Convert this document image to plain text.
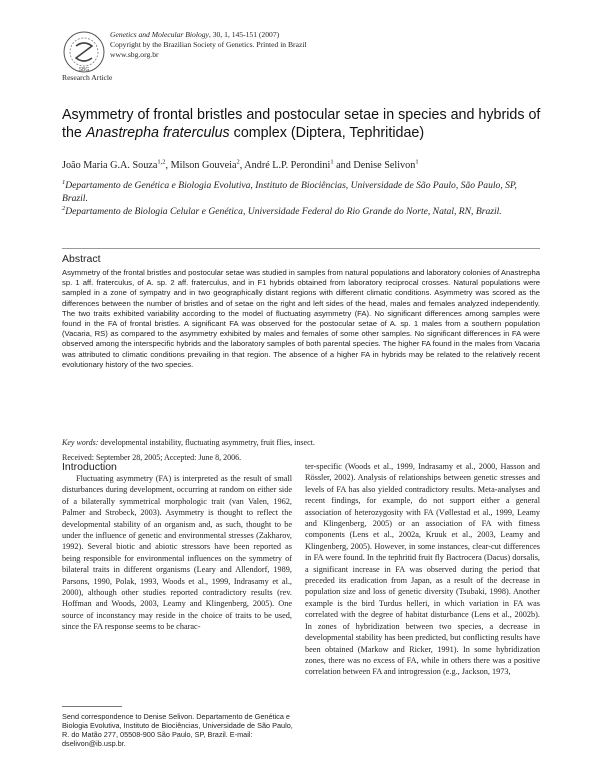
SBG
Genetics and Molecular Biology, 30, 1, 145-151 (2007)
Copyright by the Brazilian Society of Genetics. Printed in Brazil
www.sbg.org.br
Research Article
Asymmetry of frontal bristles and postocular setae in species and hybrids of the Anastrepha fraterculus complex (Diptera, Tephritidae)
João Maria G.A. Souza$^{1,2}$, Milson Gouveia$^2$, André L.P. Perondini$^1$ and Denise Selivon$^1$
$^1$Departamento de Genética e Biologia Evolutiva, Instituto de Biociências, Universidade de São Paulo, São Paulo, SP, Brazil.
$^2$Departamento de Biologia Celular e Genética, Universidade Federal do Rio Grande do Norte, Natal, RN, Brazil.
Abstract
Asymmetry of the frontal bristles and postocular setae was studied in samples from natural populations and laboratory colonies of Anastrepha sp. 1 aff. fraterculus, of A. sp. 2 aff. fraterculus, and in F1 hybrids obtained from laboratory reciprocal crosses. Natural populations were sampled in a zone of sympatry and in two geographically distant regions with different climatic conditions. Asymmetry was scored as the differences between the number of bristles and of setae on the right and left sides of the head, males and females analyzed independently. The two traits exhibited variability according to the model of fluctuating asymmetry (FA). No significant differences among samples were found in the FA of frontal bristles. A significant FA was observed for the postocular setae of A. sp. 1 males from a southern population (Vacaria, RS) as compared to the asymmetry exhibited by males and females of some other samples. No significant differences in FA were observed among the interspecific hybrids and the laboratory samples of both parental species. The higher FA found in the males from Vacaria was attributed to climatic conditions prevailing in that region. The absence of a higher FA in hybrids may be related to the relatively recent evolutionary history of the two species.
Key words: developmental instability, fluctuating asymmetry, fruit flies, insect.
Received: September 28, 2005; Accepted: June 8, 2006.
Introduction
Fluctuating asymmetry (FA) is interpreted as the result of small disturbances during development, occurring at random on either side of a bilaterally symmetrical morphologic trait (van Valen, 1962, Palmer and Strobeck, 2003). Asymmetry is thought to reflect the developmental stability of an organism and, as such, thought to be under the influence of genetic and environmental stresses (Zakharov, 1992). Several biotic and abiotic stressors have been reported as being responsible for environmental influences on the symmetry of bilateral traits in different organisms (Leary and Allendorf, 1989, Parsons, 1990, Polak, 1993, Woods et al., 1999, Indrasamy et al., 2000), although other studies reported contradictory results (rev. Hoffman and Woods, 2003, Leamy and Klingenberg, 2005). One source of inconstancy may reside in the choice of traits to be used, since the FA response seems to be charac-
ter-specific (Woods et al., 1999, Indrasamy et al., 2000, Hasson and Rössler, 2002). Analysis of relationships between genetic stresses and levels of FA has also yielded contradictory results. Meta-analyses and recent findings, for example, do not support either a general association of heterozygosity with FA (Vøllestad et al., 1999, Leamy and Klingenberg, 2005) or an association of FA with fitness components (Lens et al., 2002a, Kruuk et al., 2003, Leamy and Klingenberg, 2005). However, in some instances, clear-cut differences in FA were found. In the tephritid fruit fly Bactrocera (Dacus) dorsalis, a significant increase in FA was observed during the period that preceded its eradication from Japan, as a result of the decrease in population size and loss of genetic diversity (Tsubaki, 1998). Another example is the bird Turdus helleri, in which variation in FA was correlated with the degree of habitat disturbance (Lens et al., 2002b). In zones of hybridization between two species, a decrease in developmental stability has been predicted, but conflicting results have been obtained (Markow and Ricker, 1991). In some hybridization zones, there was no excess of FA, while in others there was a positive correlation between FA and introgression (e.g., Jackson, 1973,
Send correspondence to Denise Selivon. Departamento de Genética e Biologia Evolutiva, Instituto de Biociências, Universidade de São Paulo, R. do Matão 277, 05508-900 São Paulo, SP, Brazil. E-mail: dselivon@ib.usp.br.
